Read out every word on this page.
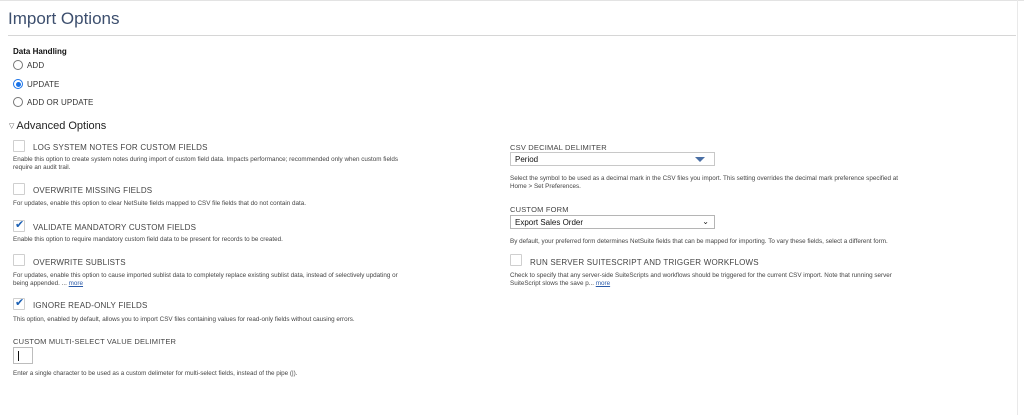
Import Options
Data Handling
ADD
UPDATE
ADD OR UPDATE
▽ Advanced Options
LOG SYSTEM NOTES FOR CUSTOM FIELDS
Enable this option to create system notes during import of custom field data. Impacts performance; recommended only when custom fields
require an audit trail.
OVERWRITE MISSING FIELDS
For updates, enable this option to clear NetSuite fields mapped to CSV file fields that do not contain data.
✔
VALIDATE MANDATORY CUSTOM FIELDS
Enable this option to require mandatory custom field data to be present for records to be created.
OVERWRITE SUBLISTS
For updates, enable this option to cause imported sublist data to completely replace existing sublist data, instead of selectively updating or
being appended. ... more
✔
IGNORE READ-ONLY FIELDS
This option, enabled by default, allows you to import CSV files containing values for read-only fields without causing errors.
CUSTOM MULTI-SELECT VALUE DELIMITER
Enter a single character to be used as a custom delimeter for multi-select fields, instead of the pipe (|).
CSV DECIMAL DELIMITER
Period
Select the symbol to be used as a decimal mark in the CSV files you import. This setting overrides the decimal mark preference specified at
Home > Set Preferences.
CUSTOM FORM
Export Sales Order	⌄
By default, your preferred form determines NetSuite fields that can be mapped for importing. To vary these fields, select a different form.
RUN SERVER SUITESCRIPT AND TRIGGER WORKFLOWS
Check to specify that any server-side SuiteScripts and workflows should be triggered for the current CSV import. Note that running server
SuiteScript slows the save p... more
